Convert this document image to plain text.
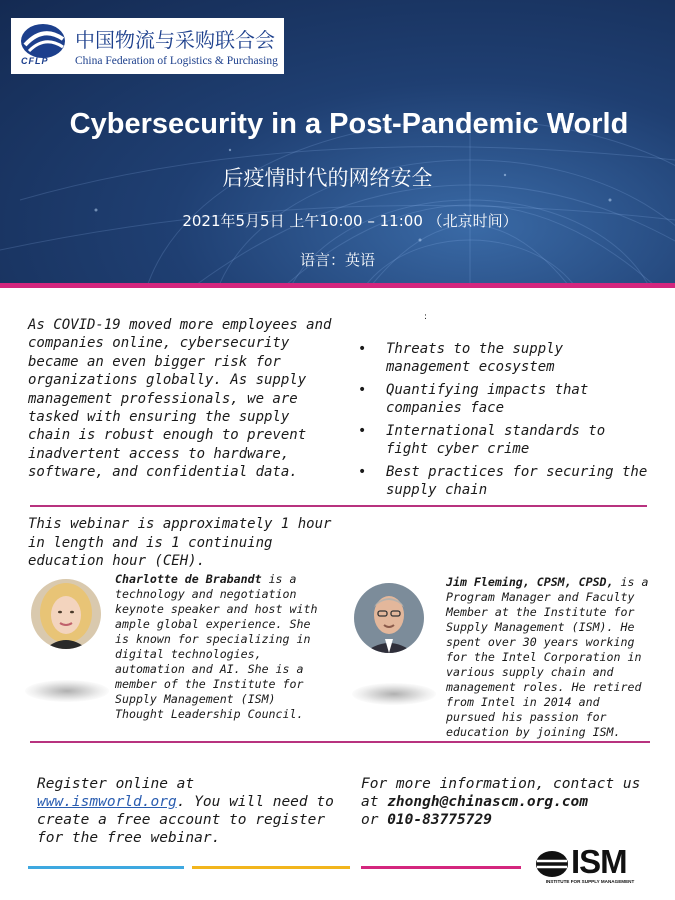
CFLP
中国物流与采购联合会
China Federation of Logistics & Purchasing
Cybersecurity in a Post-Pandemic World
后疫情时代的网络安全
2021年5月5日 上午10:00 – 11:00 （北京时间）
语言：英语
As COVID-19 moved more employees and companies online, cybersecurity became an even bigger risk for organizations globally. As supply management professionals, we are tasked with ensuring the supply chain is robust enough to prevent inadvertent access to hardware, software, and confidential data.
:
• Threats to the supply management ecosystem
• Quantifying impacts that companies face
• International standards to fight cyber crime
• Best practices for securing the supply chain
This webinar is approximately 1 hour in length and is 1 continuing education hour (CEH).
Charlotte de Brabandt is a technology and negotiation keynote speaker and host with ample global experience. She is known for specializing in digital technologies, automation and AI. She is a member of the Institute for Supply Management (ISM) Thought Leadership Council.
Jim Fleming, CPSM, CPSD, is a Program Manager and Faculty Member at the Institute for Supply Management (ISM). He spent over 30 years working for the Intel Corporation in various supply chain and management roles. He retired from Intel in 2014 and pursued his passion for education by joining ISM.
Register online at www.ismworld.org. You will need to create a free account to register for the free webinar.
For more information, contact us
at zhongh@chinascm.org.com
or 010-83775729
ISM
INSTITUTE FOR SUPPLY MANAGEMENT
